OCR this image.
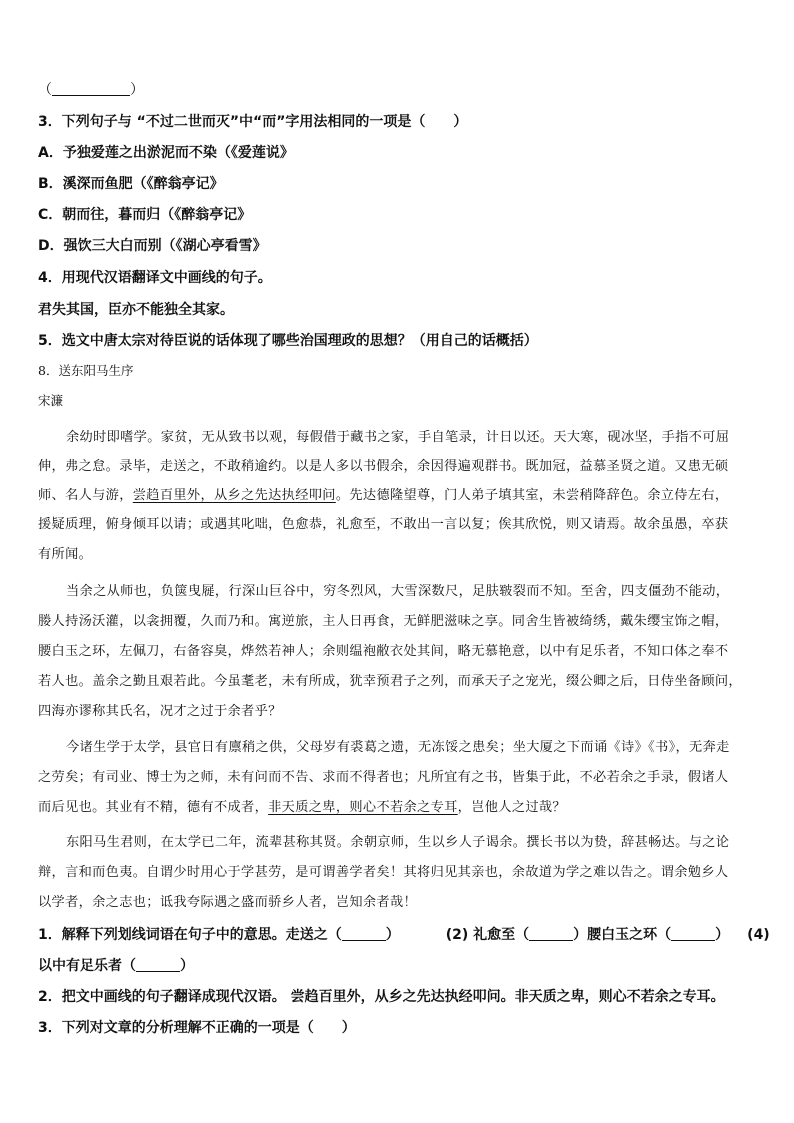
（	）
3．下列句子与 “不过二世而灭”中“而”字用法相同的一项是（　　）
A．予独爱莲之出淤泥而不染（《爱莲说》
B．溪深而鱼肥（《醉翁亭记》
C．朝而往，暮而归（《醉翁亭记》
D．强饮三大白而别（《湖心亭看雪》
4．用现代汉语翻译文中画线的句子。
君失其国，臣亦不能独全其家。
5．选文中唐太宗对待臣说的话体现了哪些治国理政的思想？（用自己的话概括）
8．送东阳马生序
宋濂
余幼时即嗜学。家贫，无从致书以观，每假借于藏书之家，手自笔录，计日以还。天大寒，砚冰坚，手指不可屈
伸，弗之怠。录毕，走送之，不敢稍逾约。以是人多以书假余，余因得遍观群书。既加冠，益慕圣贤之道。又患无硕
师、名人与游，尝趋百里外，从乡之先达执经叩问。先达德隆望尊，门人弟子填其室，未尝稍降辞色。余立侍左右，
援疑质理，俯身倾耳以请；或遇其叱咄，色愈恭，礼愈至，不敢出一言以复；俟其欣悦，则又请焉。故余虽愚，卒获
有所闻。
当余之从师也，负箧曳屣，行深山巨谷中，穷冬烈风，大雪深数尺，足肤皲裂而不知。至舍，四支僵劲不能动，
媵人持汤沃灌，以衾拥覆，久而乃和。寓逆旅，主人日再食，无鲜肥滋味之享。同舍生皆被绮绣，戴朱缨宝饰之帽，
腰白玉之环，左佩刀，右备容臭，烨然若神人；余则缊袍敝衣处其间，略无慕艳意，以中有足乐者，不知口体之奉不
若人也。盖余之勤且艰若此。今虽耄老，未有所成，犹幸预君子之列，而承天子之宠光，缀公卿之后，日侍坐备顾问，
四海亦谬称其氏名，况才之过于余者乎？
今诸生学于太学，县官日有廪稍之供，父母岁有裘葛之遗，无冻馁之患矣；坐大厦之下而诵《诗》《书》，无奔走
之劳矣；有司业、博士为之师，未有问而不告、求而不得者也；凡所宜有之书，皆集于此，不必若余之手录，假诸人
而后见也。其业有不精，德有不成者，非天质之卑，则心不若余之专耳，岂他人之过哉？
东阳马生君则，在太学已二年，流辈甚称其贤。余朝京师，生以乡人子谒余。撰长书以为贽，辞甚畅达。与之论
辩，言和而色夷。自谓少时用心于学甚劳，是可谓善学者矣！其将归见其亲也，余故道为学之难以告之。谓余勉乡人
以学者，余之志也；诋我夸际遇之盛而骄乡人者，岂知余者哉！
1．解释下列划线词语在句子中的意思。走送之（	）	(2) 礼愈至（	）腰白玉之环（	） (4)
以中有足乐者（	）
2．把文中画线的句子翻译成现代汉语。 尝趋百里外，从乡之先达执经叩问。非天质之卑，则心不若余之专耳。
3．下列对文章的分析理解不正确的一项是（　　）
